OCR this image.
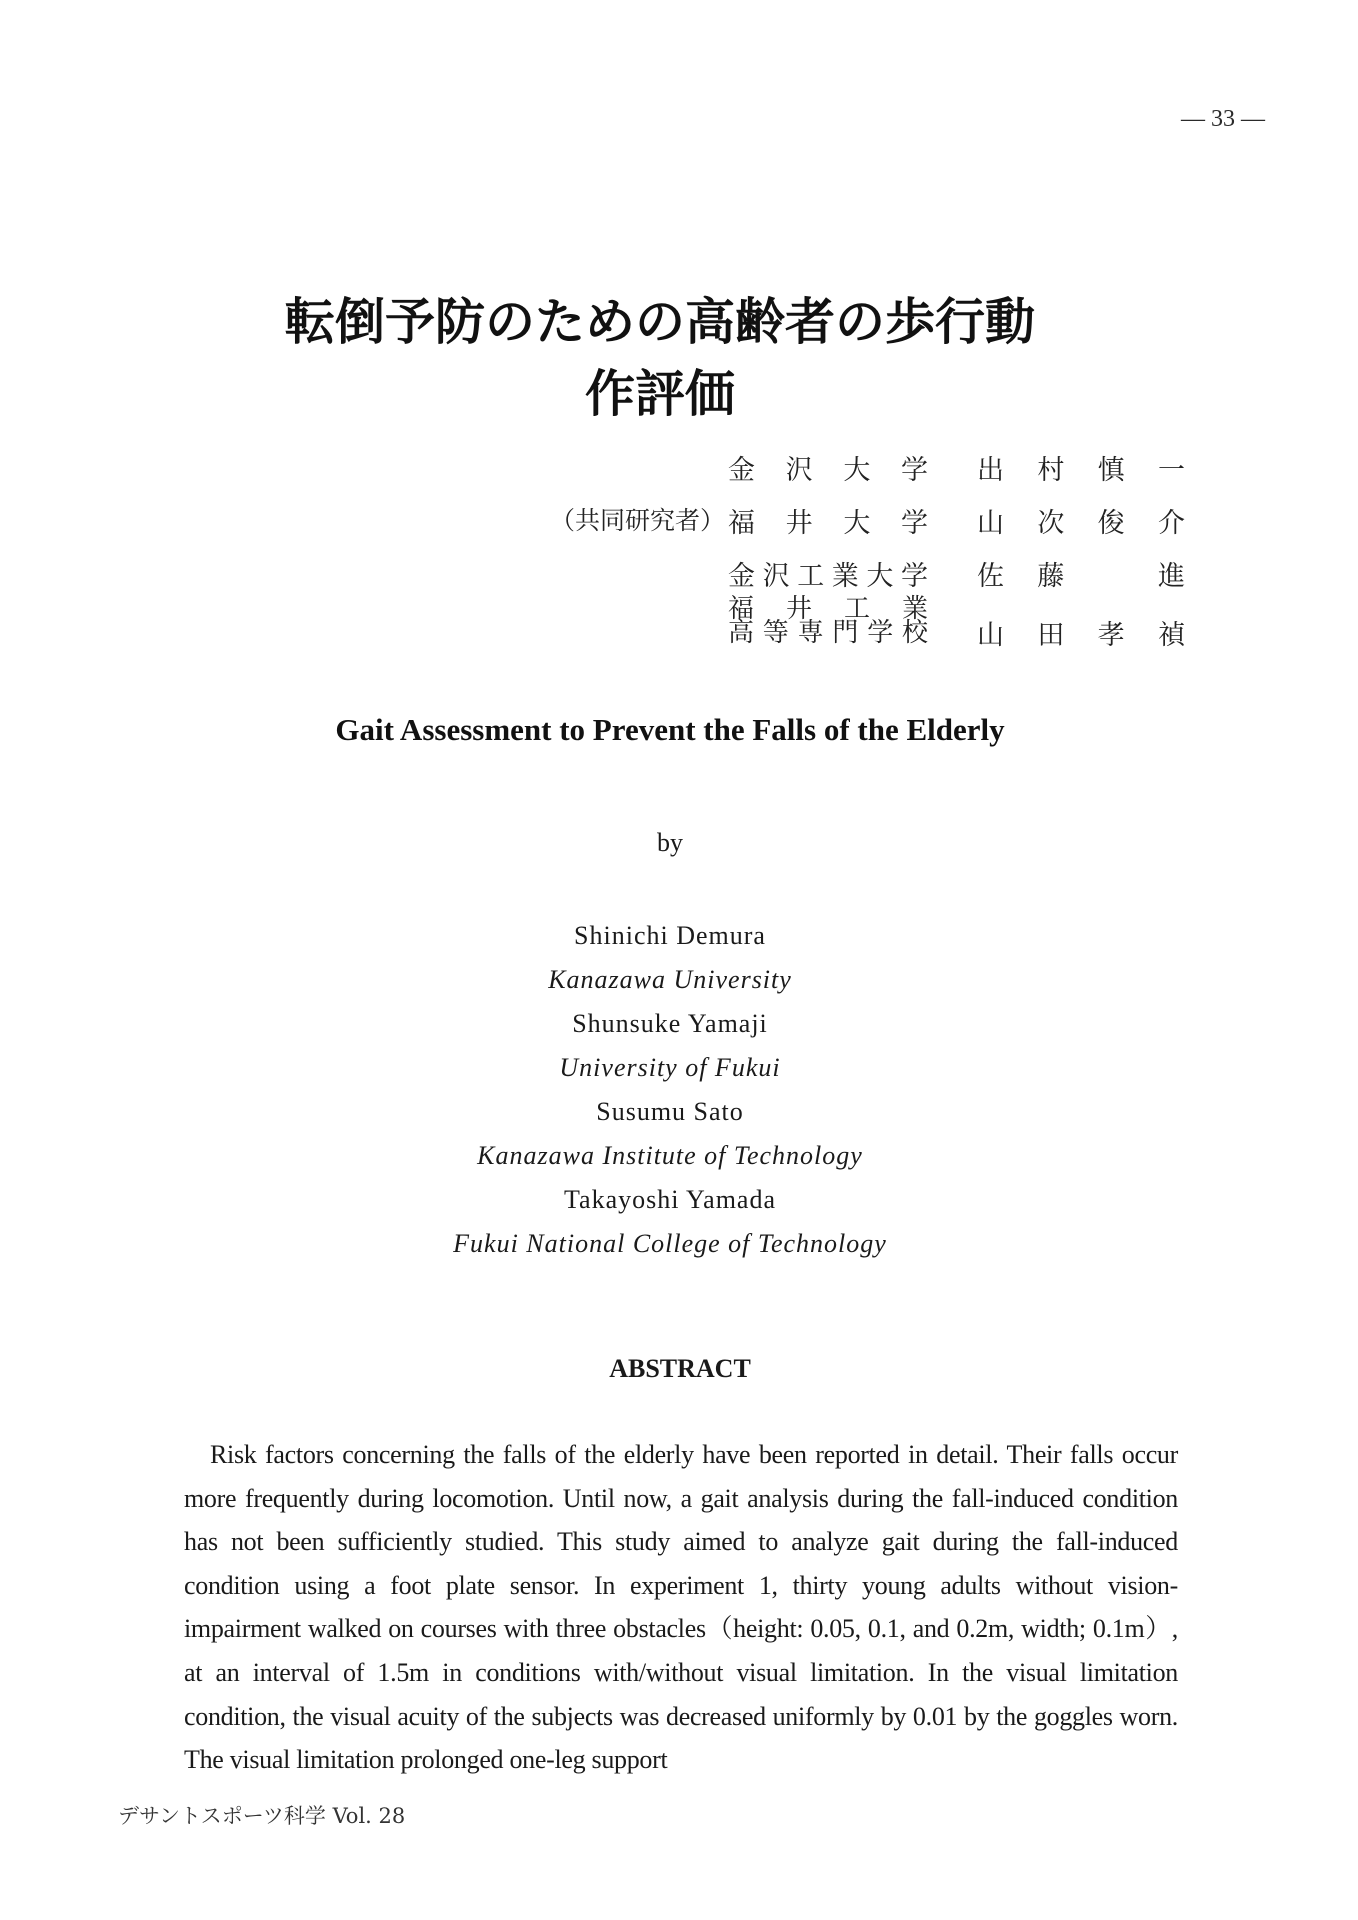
— 33 —
転倒予防のための高齢者の歩行動作評価
金沢大学 出村慎一
（共同研究者） 福井大学 山次俊介
金沢工業大学 佐藤　進
福井工業
高等専門学校 山田孝禎
Gait Assessment to Prevent the Falls of the Elderly
by
Shinichi Demura
Kanazawa University
Shunsuke Yamaji
University of Fukui
Susumu Sato
Kanazawa Institute of Technology
Takayoshi Yamada
Fukui National College of Technology
ABSTRACT
Risk factors concerning the falls of the elderly have been reported in detail. Their falls occur more frequently during locomotion. Until now, a gait analysis during the fall-induced condition has not been sufficiently studied. This study aimed to analyze gait during the fall-induced condition using a foot plate sensor. In experiment 1, thirty young adults without vision-impairment walked on courses with three obstacles（height: 0.05, 0.1, and 0.2m, width; 0.1m）, at an interval of 1.5m in conditions with/without visual limitation. In the visual limitation condition, the visual acuity of the subjects was decreased uniformly by 0.01 by the goggles worn. The visual limitation prolonged one-leg support
デサントスポーツ科学 Vol. 28
